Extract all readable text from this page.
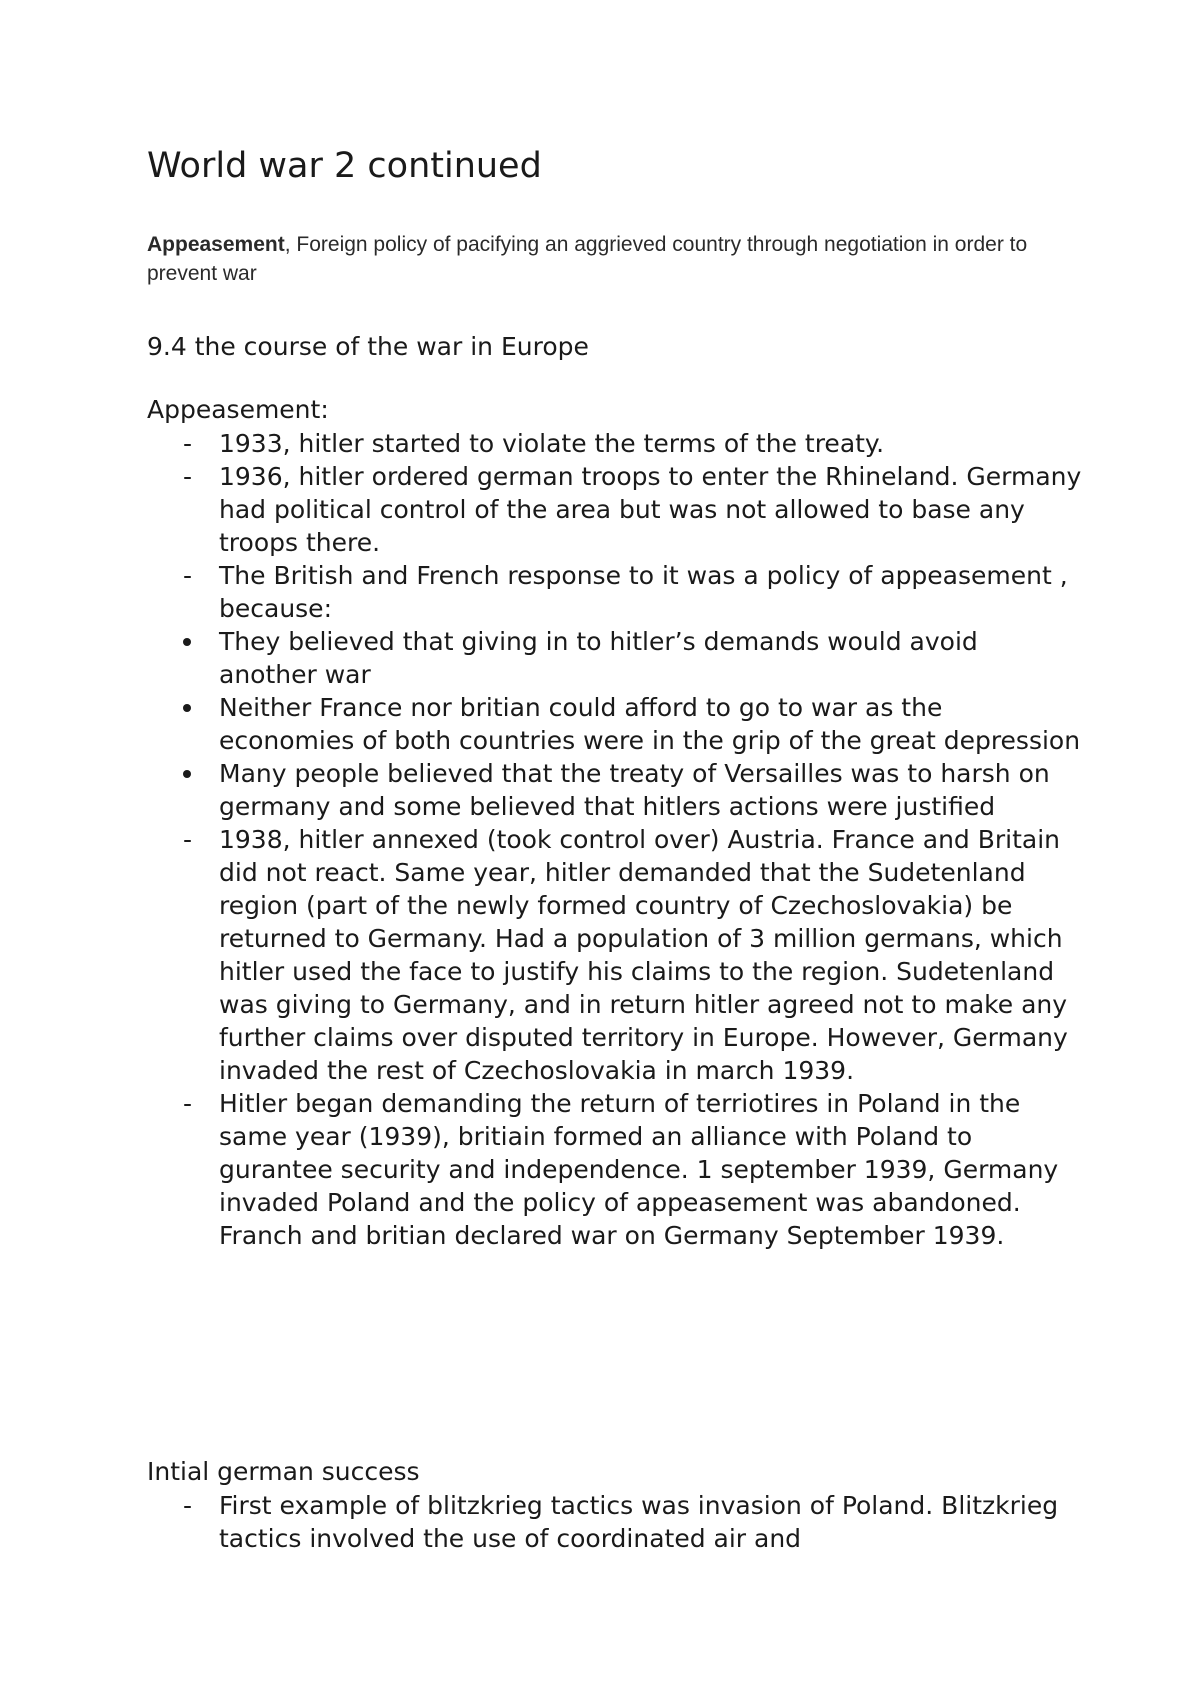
World war 2 continued

Appeasement, Foreign policy of pacifying an aggrieved country through negotiation in order to prevent war

9.4 the course of the war in Europe
Appeasement:
-	1933, hitler started to violate the terms of the treaty.
-	1936, hitler ordered german troops to enter the Rhineland. Germany had political control of the area but was not allowed to base any troops there.
-	The British and French response to it was a policy of appeasement , because:
They believed that giving in to hitler’s demands would avoid another war
Neither France nor britian could afford to go to war as the economies of both countries were in the grip of the great depression
Many people believed that the treaty of Versailles was to harsh on germany and some believed that hitlers actions were justified
-	1938, hitler annexed (took control over) Austria. France and Britain did not react. Same year, hitler demanded that the Sudetenland region (part of the newly formed country of Czechoslovakia) be returned to Germany. Had a population of 3 million germans, which hitler used the face to justify his claims to the region. Sudetenland was giving to Germany, and in return hitler agreed not to make any further claims over disputed territory in Europe. However, Germany invaded the rest of Czechoslovakia in march 1939.
-	Hitler began demanding the return of terriotires in Poland in the same year (1939), britiain formed an alliance with Poland to gurantee security and independence. 1 september 1939, Germany invaded Poland and the policy of appeasement was abandoned. Franch and britian declared war on Germany September 1939.
Intial german success
-	First example of blitzkrieg tactics was invasion of Poland. Blitzkrieg tactics involved the use of coordinated air and
